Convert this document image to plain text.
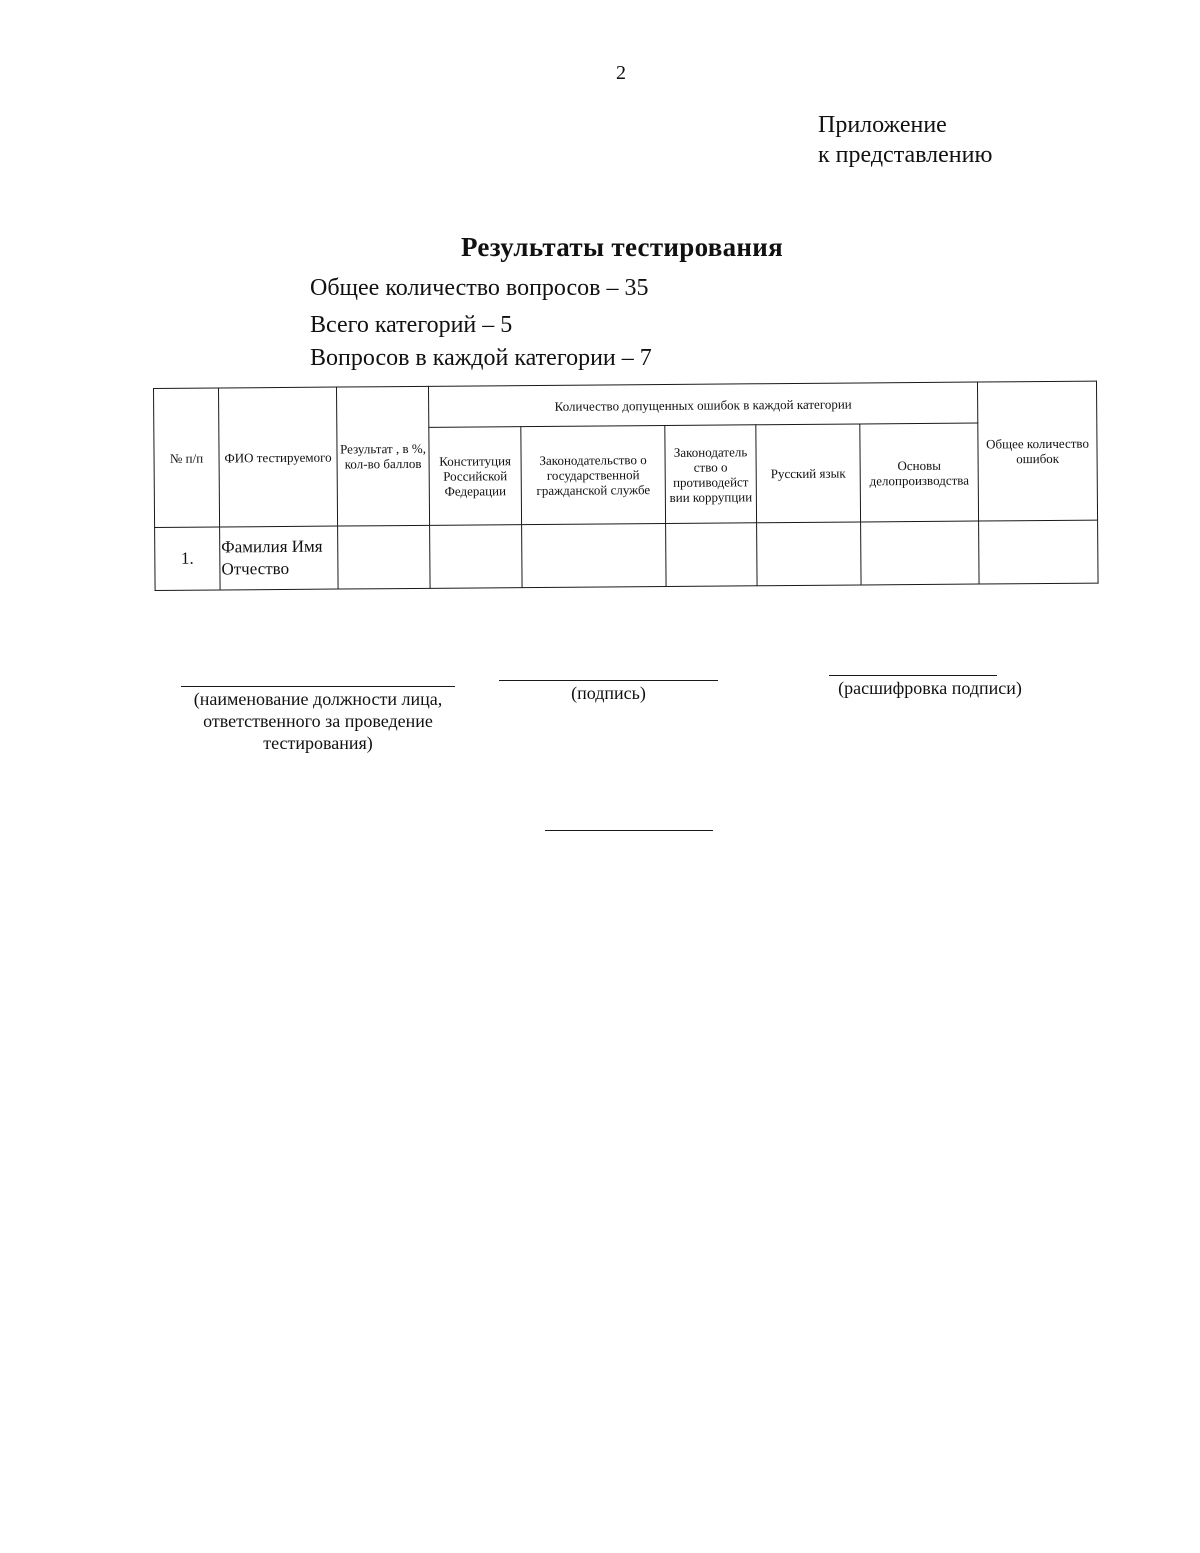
2
Приложение
к представлению
Результаты тестирования
Общее количество вопросов – 35
Всего категорий – 5
Вопросов в каждой категории – 7
№ п/п	ФИО тестируемого	Результат , в %, кол-во баллов	Количество допущенных ошибок в каждой категории					Общее количество ошибок
			Конституция Российской Федерации	Законодательство о государственной гражданской службе	Законодатель ство о противодейст вии коррупции	Русский язык	Основы делопроизводства	
1.	Фамилия Имя Отчество							
(наименование должности лица, ответственного за проведение тестирования)
(подпись)	(расшифровка подписи)
